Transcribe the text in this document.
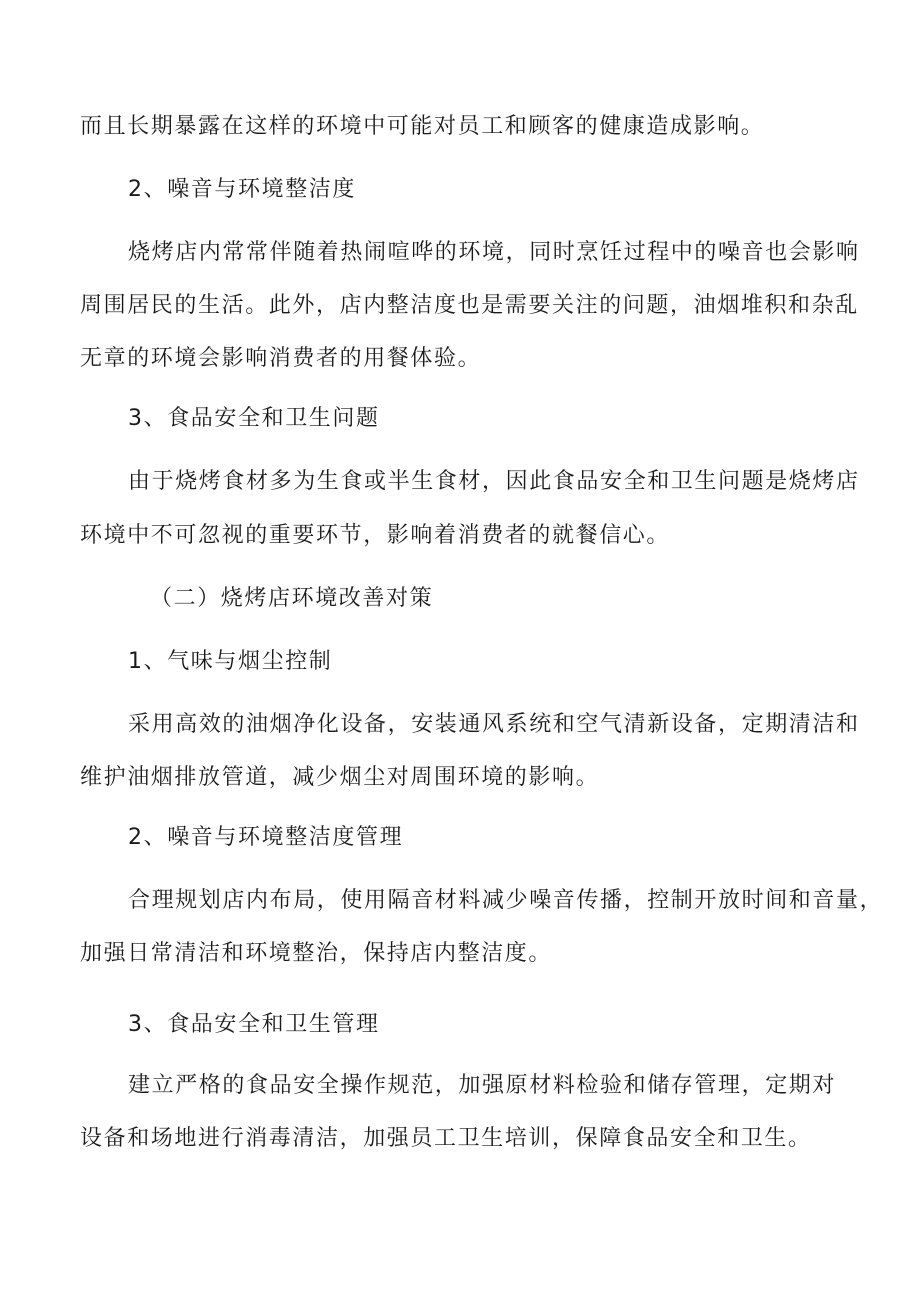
而且长期暴露在这样的环境中可能对员工和顾客的健康造成影响。
2、噪音与环境整洁度
烧烤店内常常伴随着热闹喧哗的环境，同时烹饪过程中的噪音也会影响
周围居民的生活。此外，店内整洁度也是需要关注的问题，油烟堆积和杂乱
无章的环境会影响消费者的用餐体验。
3、食品安全和卫生问题
由于烧烤食材多为生食或半生食材，因此食品安全和卫生问题是烧烤店
环境中不可忽视的重要环节，影响着消费者的就餐信心。
（二）烧烤店环境改善对策
1、气味与烟尘控制
采用高效的油烟净化设备，安装通风系统和空气清新设备，定期清洁和
维护油烟排放管道，减少烟尘对周围环境的影响。
2、噪音与环境整洁度管理
合理规划店内布局，使用隔音材料减少噪音传播，控制开放时间和音量，
加强日常清洁和环境整治，保持店内整洁度。
3、食品安全和卫生管理
建立严格的食品安全操作规范，加强原材料检验和储存管理，定期对
设备和场地进行消毒清洁，加强员工卫生培训，保障食品安全和卫生。
